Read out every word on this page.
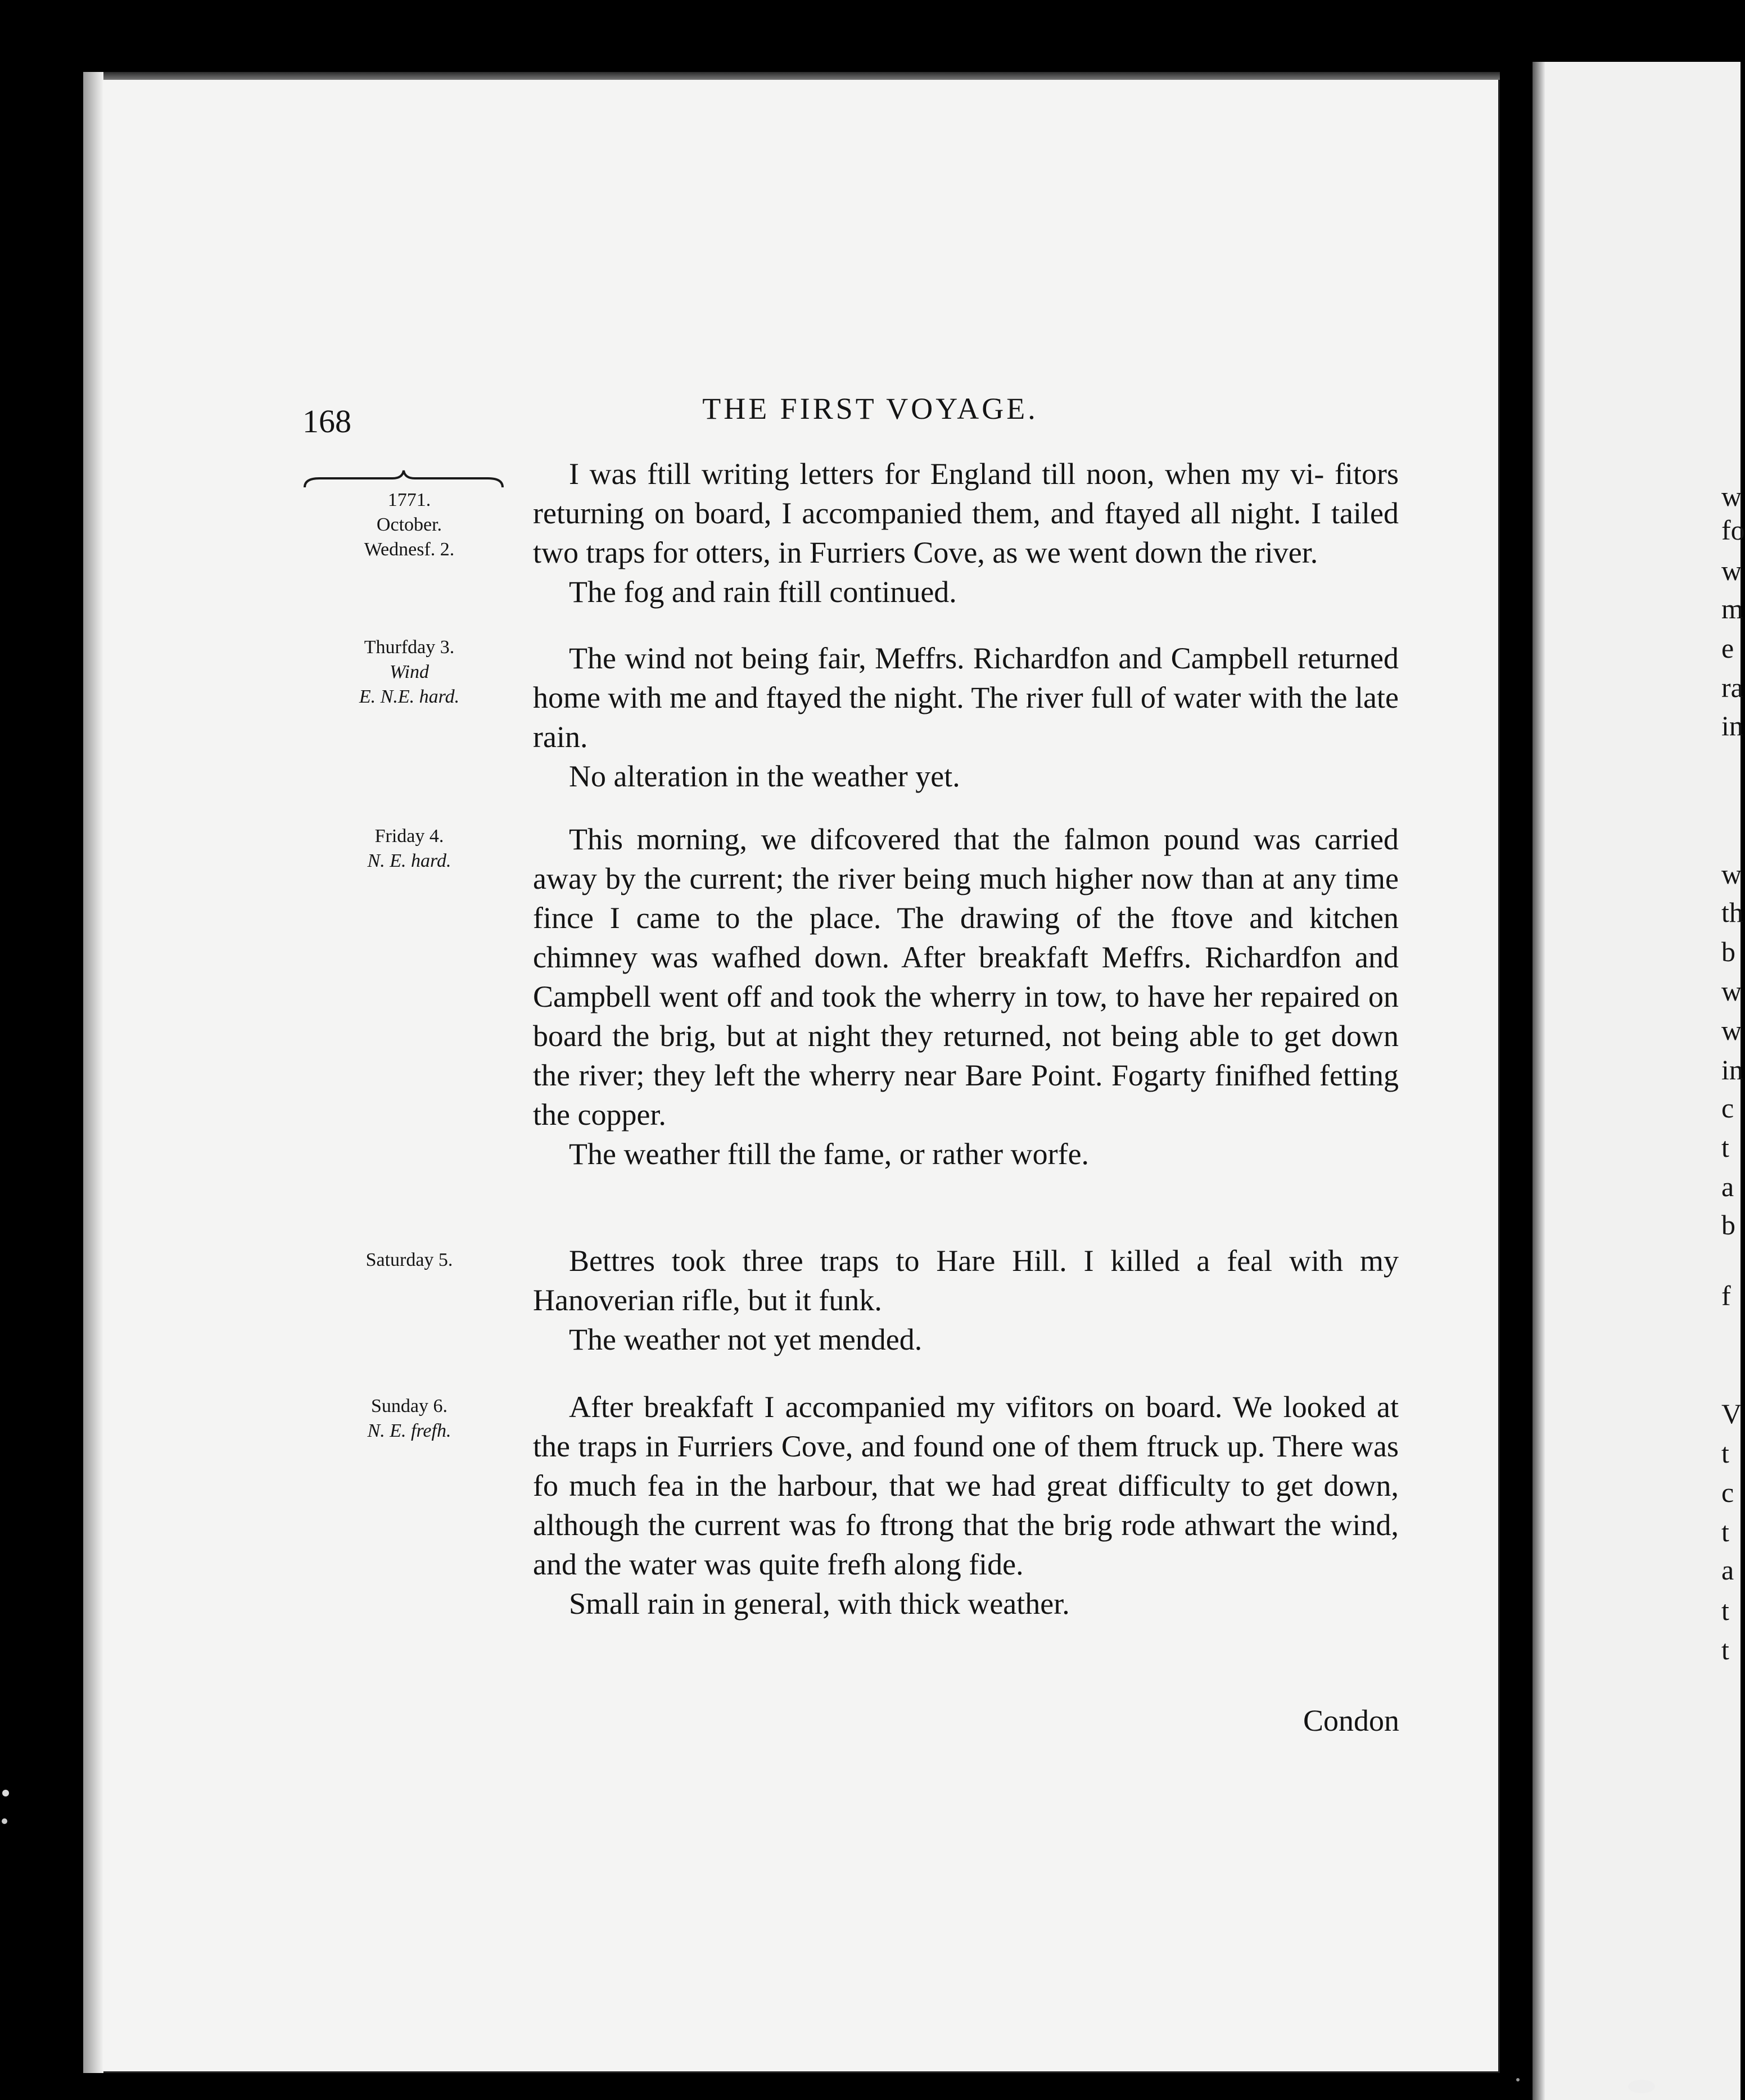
w
fo
w
m
e
ra
in
w
th
b
w
w
in
c
t
a
b
f
V
t
c
t
a
t
t
168	THE FIRST VOYAGE.
1771.
October.
Wednesf. 2.
Thurfday 3.
Wind
E. N.E. hard.
Friday 4.
N. E. hard.
Saturday 5.
Sunday 6.
N. E. frefh.

I was ftill writing letters for England till noon, when my vi- fitors returning on board, I accompanied them, and ftayed all night. I tailed two traps for otters, in Furriers Cove, as we went down the river.

The fog and rain ftill continued.

The wind not being fair, Meffrs. Richardfon and Campbell returned home with me and ftayed the night. The river full of water with the late rain.

No alteration in the weather yet.

This morning, we difcovered that the falmon pound was carried away by the current; the river being much higher now than at any time fince I came to the place. The drawing of the ftove and kitchen chimney was wafhed down. After breakfaft Meffrs. Richardfon and Campbell went off and took the wherry in tow, to have her repaired on board the brig, but at night they returned, not being able to get down the river; they left the wherry near Bare Point. Fogarty finifhed fetting the copper.

The weather ftill the fame, or rather worfe.

Bettres took three traps to Hare Hill. I killed a feal with my Hanoverian rifle, but it funk.

The weather not yet mended.

After breakfaft I accompanied my vifitors on board. We looked at the traps in Furriers Cove, and found one of them ftruck up. There was fo much fea in the harbour, that we had great difficulty to get down, although the current was fo ftrong that the brig rode athwart the wind, and the water was quite frefh along fide.

Small rain in general, with thick weather.

Condon
